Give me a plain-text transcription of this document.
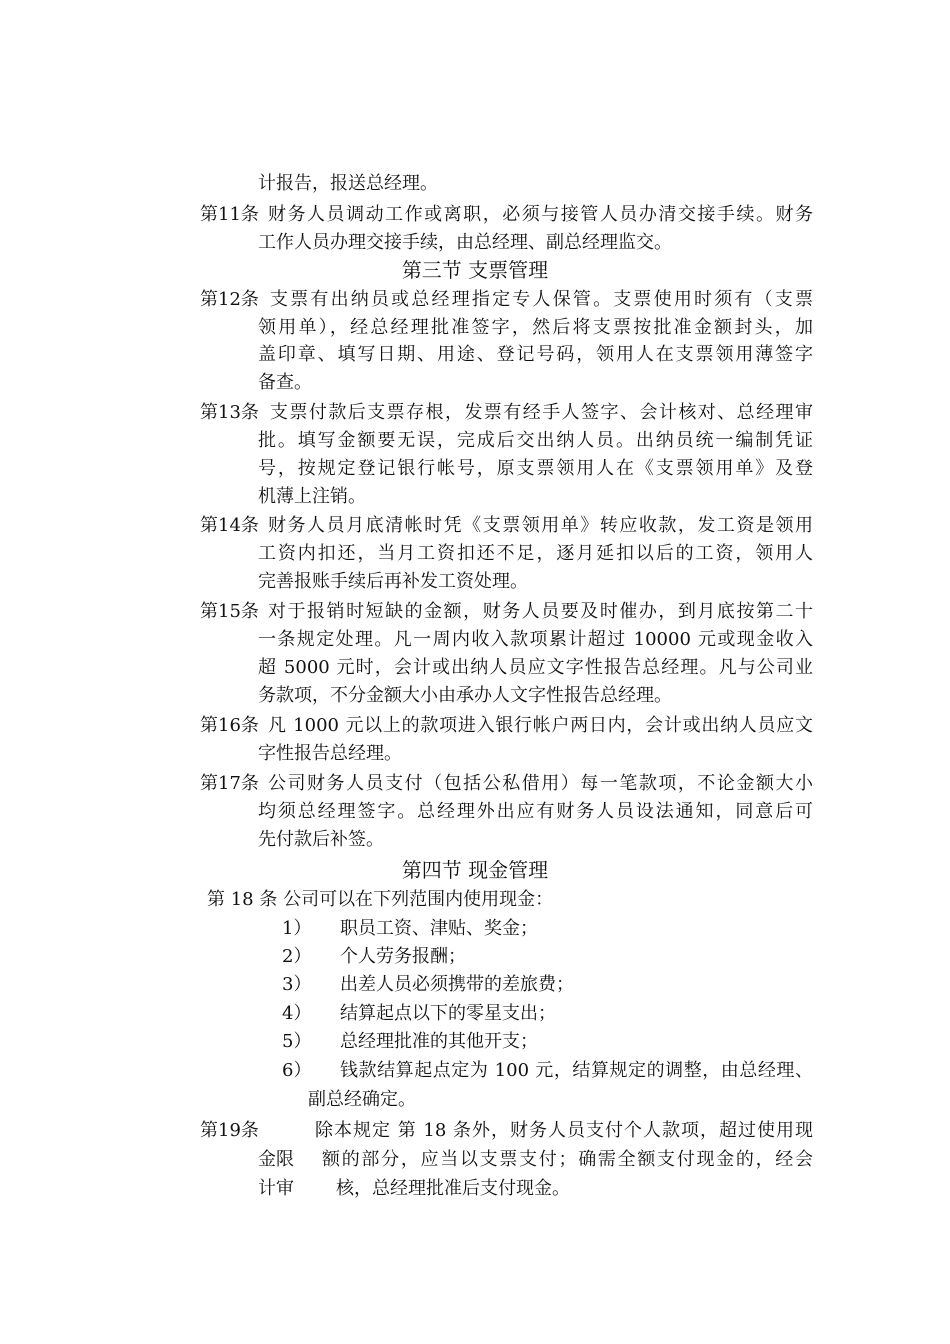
计报告，报送总经理。
第11条 财务人员调动工作或离职，必须与接管人员办清交接手续。财务
工作人员办理交接手续，由总经理、副总经理监交。
第三节 支票管理
第12条 支票有出纳员或总经理指定专人保管。支票使用时须有（支票
领用单），经总经理批准签字，然后将支票按批准金额封头，加
盖印章、填写日期、用途、登记号码，领用人在支票领用薄签字
备查。
第13条 支票付款后支票存根，发票有经手人签字、会计核对、总经理审
批。填写金额要无误，完成后交出纳人员。出纳员统一编制凭证
号，按规定登记银行帐号，原支票领用人在《支票领用单》及登
机薄上注销。
第14条 财务人员月底清帐时凭《支票领用单》转应收款，发工资是领用
工资内扣还，当月工资扣还不足，逐月延扣以后的工资，领用人
完善报账手续后再补发工资处理。
第15条 对于报销时短缺的金额，财务人员要及时催办，到月底按第二十
一条规定处理。凡一周内收入款项累计超过 10000 元或现金收入
超 5000 元时，会计或出纳人员应文字性报告总经理。凡与公司业
务款项，不分金额大小由承办人文字性报告总经理。
第16条 凡 1000 元以上的款项进入银行帐户两日内，会计或出纳人员应文
字性报告总经理。
第17条 公司财务人员支付（包括公私借用）每一笔款项，不论金额大小
均须总经理签字。总经理外出应有财务人员设法通知，同意后可
先付款后补签。
第四节 现金管理
第 18 条 公司可以在下列范围内使用现金：
1） 职员工资、津贴、奖金；
2） 个人劳务报酬；
3） 出差人员必须携带的差旅费；
4） 结算起点以下的零星支出；
5） 总经理批准的其他开支；
6） 钱款结算起点定为 100 元，结算规定的调整，由总经理、
副总经确定。
第19条	除本规定 第 18 条外，财务人员支付个人款项，超过使用现
金限 额的部分，应当以支票支付；确需全额支付现金的，经会
计审 核，总经理批准后支付现金。
